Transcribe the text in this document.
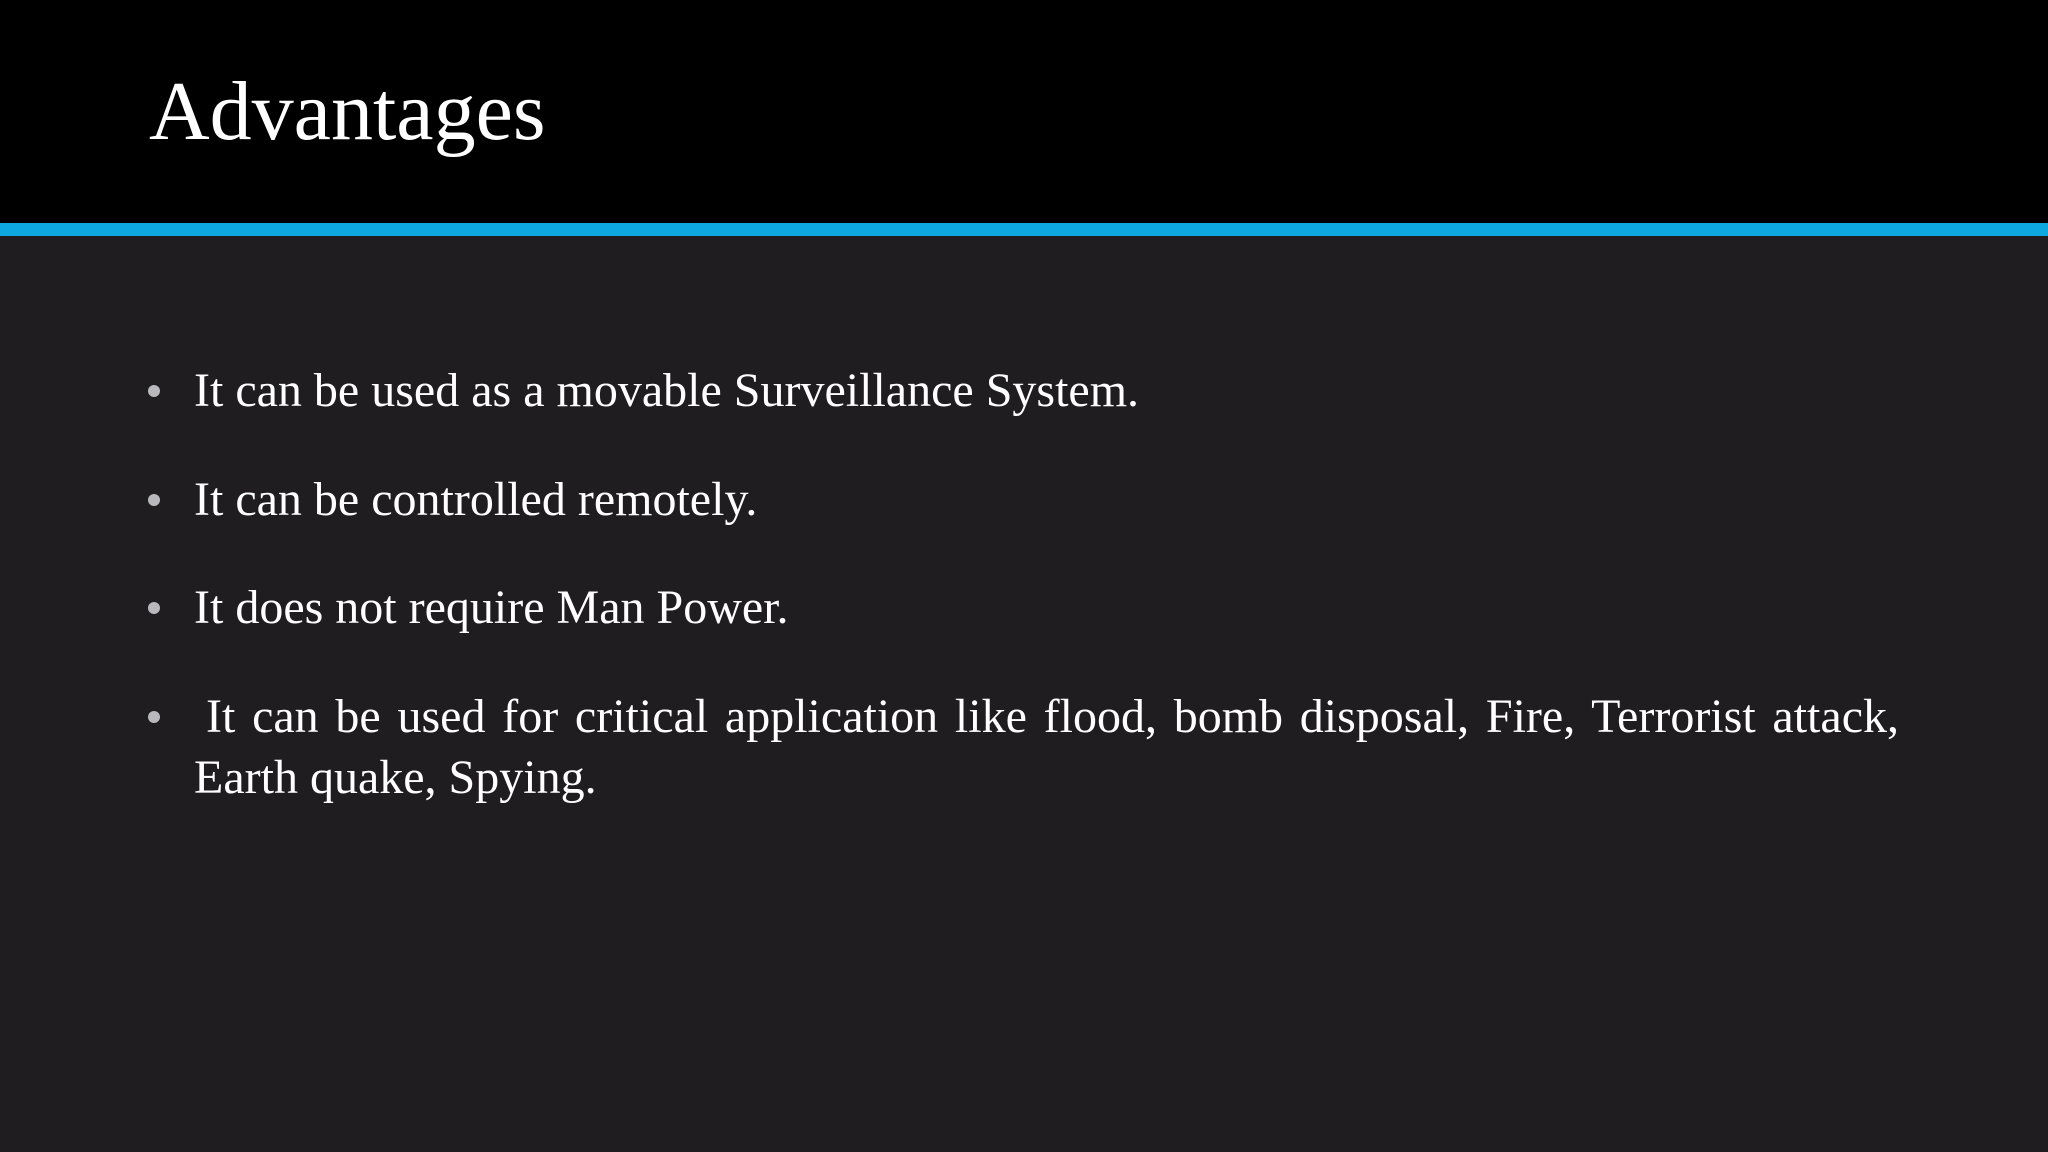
Advantages
It can be used as a movable Surveillance System.
It can be controlled remotely.
It does not require Man Power.
It can be used for critical application like flood, bomb disposal, Fire, Terrorist attack, Earth quake, Spying.
